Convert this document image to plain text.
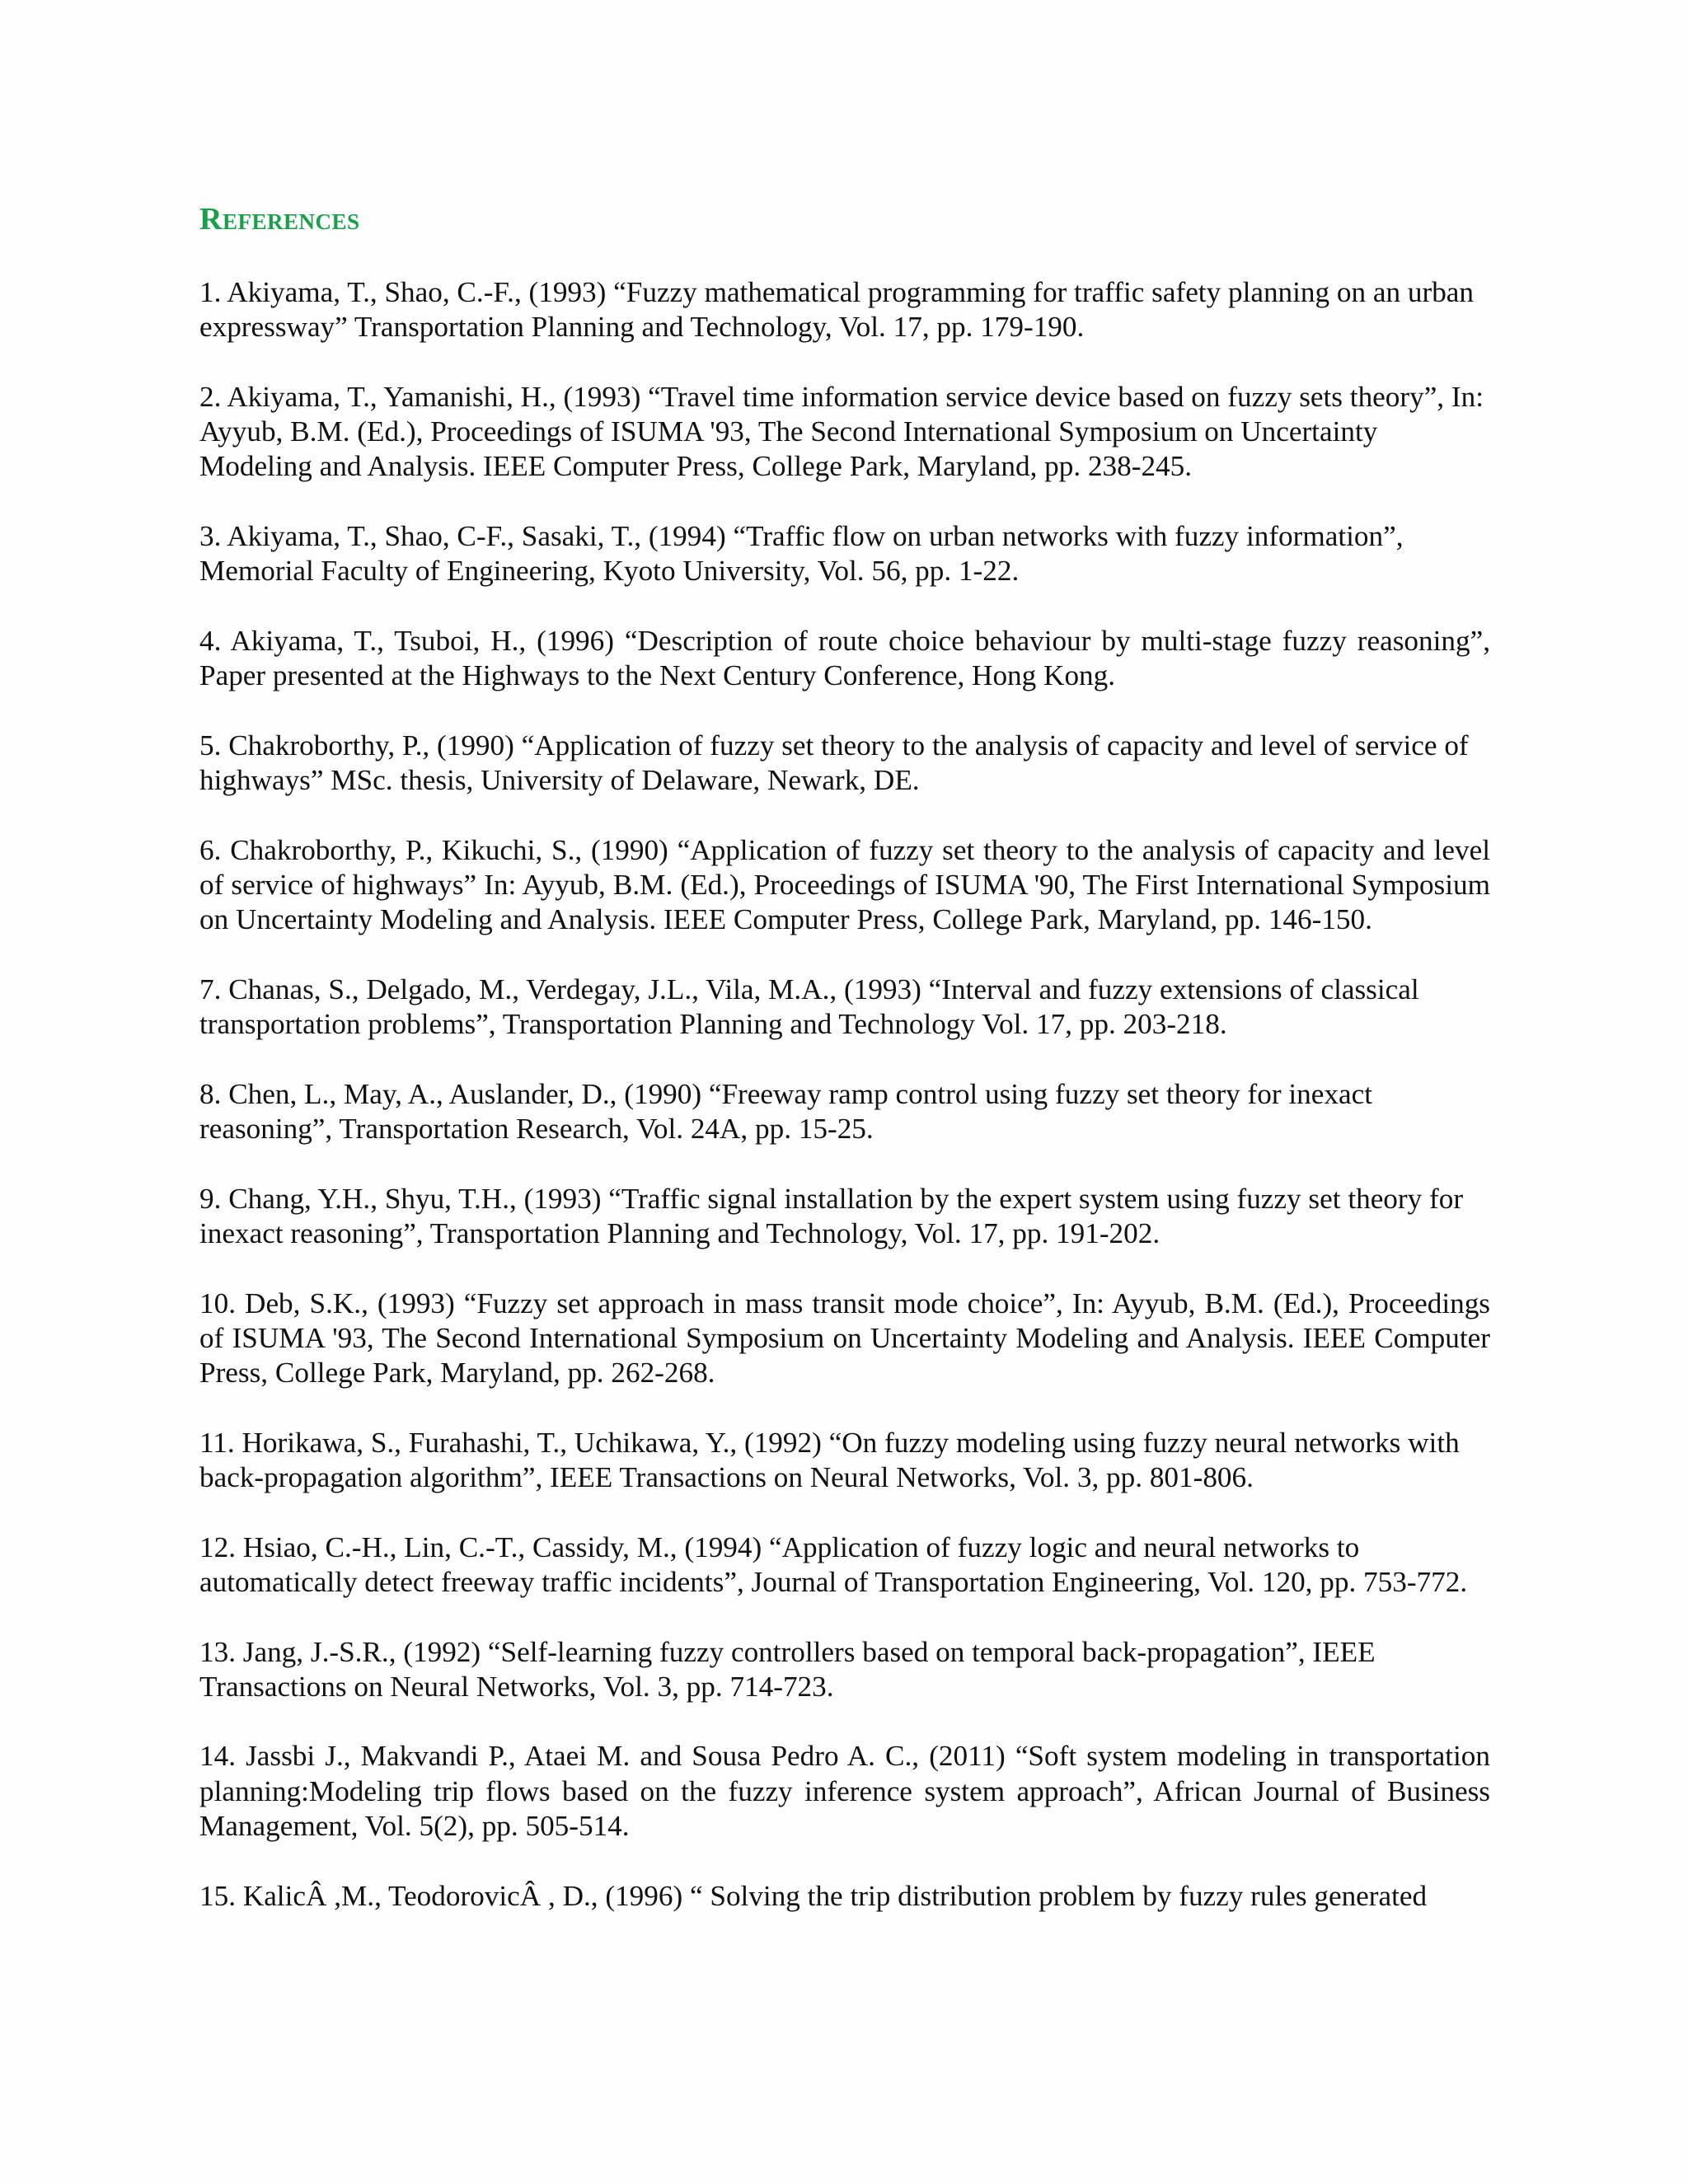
References
1. Akiyama, T., Shao, C.-F., (1993) “Fuzzy mathematical programming for traffic safety planning on an urban expressway” Transportation Planning and Technology, Vol. 17, pp. 179-190.
2. Akiyama, T., Yamanishi, H., (1993) “Travel time information service device based on fuzzy sets theory”, In: Ayyub, B.M. (Ed.), Proceedings of ISUMA '93, The Second International Symposium on Uncertainty Modeling and Analysis. IEEE Computer Press, College Park, Maryland, pp. 238-245.
3. Akiyama, T., Shao, C-F., Sasaki, T., (1994) “Traffic flow on urban networks with fuzzy information”, Memorial Faculty of Engineering, Kyoto University, Vol. 56, pp. 1-22.
4. Akiyama, T., Tsuboi, H., (1996) “Description of route choice behaviour by multi-stage fuzzy reasoning”, Paper presented at the Highways to the Next Century Conference, Hong Kong.
5. Chakroborthy, P., (1990) “Application of fuzzy set theory to the analysis of capacity and level of service of highways” MSc. thesis, University of Delaware, Newark, DE.
6. Chakroborthy, P., Kikuchi, S., (1990) “Application of fuzzy set theory to the analysis of capacity and level of service of highways” In: Ayyub, B.M. (Ed.), Proceedings of ISUMA '90, The First International Symposium on Uncertainty Modeling and Analysis. IEEE Computer Press, College Park, Maryland, pp. 146-150.
7. Chanas, S., Delgado, M., Verdegay, J.L., Vila, M.A., (1993) “Interval and fuzzy extensions of classical transportation problems”, Transportation Planning and Technology Vol. 17, pp. 203-218.
8. Chen, L., May, A., Auslander, D., (1990) “Freeway ramp control using fuzzy set theory for inexact reasoning”, Transportation Research, Vol. 24A, pp. 15-25.
9. Chang, Y.H., Shyu, T.H., (1993) “Traffic signal installation by the expert system using fuzzy set theory for inexact reasoning”, Transportation Planning and Technology, Vol. 17, pp. 191-202.
10. Deb, S.K., (1993) “Fuzzy set approach in mass transit mode choice”, In: Ayyub, B.M. (Ed.), Proceedings of ISUMA '93, The Second International Symposium on Uncertainty Modeling and Analysis. IEEE Computer Press, College Park, Maryland, pp. 262-268.
11. Horikawa, S., Furahashi, T., Uchikawa, Y., (1992) “On fuzzy modeling using fuzzy neural networks with back-propagation algorithm”, IEEE Transactions on Neural Networks, Vol. 3, pp. 801-806.
12. Hsiao, C.-H., Lin, C.-T., Cassidy, M., (1994) “Application of fuzzy logic and neural networks to automatically detect freeway traffic incidents”, Journal of Transportation Engineering, Vol. 120, pp. 753-772.
13. Jang, J.-S.R., (1992) “Self-learning fuzzy controllers based on temporal back-propagation”, IEEE Transactions on Neural Networks, Vol. 3, pp. 714-723.
14. Jassbi J., Makvandi P., Ataei M. and Sousa Pedro A. C., (2011) “Soft system modeling in transportation planning:Modeling trip flows based on the fuzzy inference system approach”, African Journal of Business Management, Vol. 5(2), pp. 505-514.
15. KalicÂ ,M., TeodorovicÂ , D., (1996) “ Solving the trip distribution problem by fuzzy rules generated
